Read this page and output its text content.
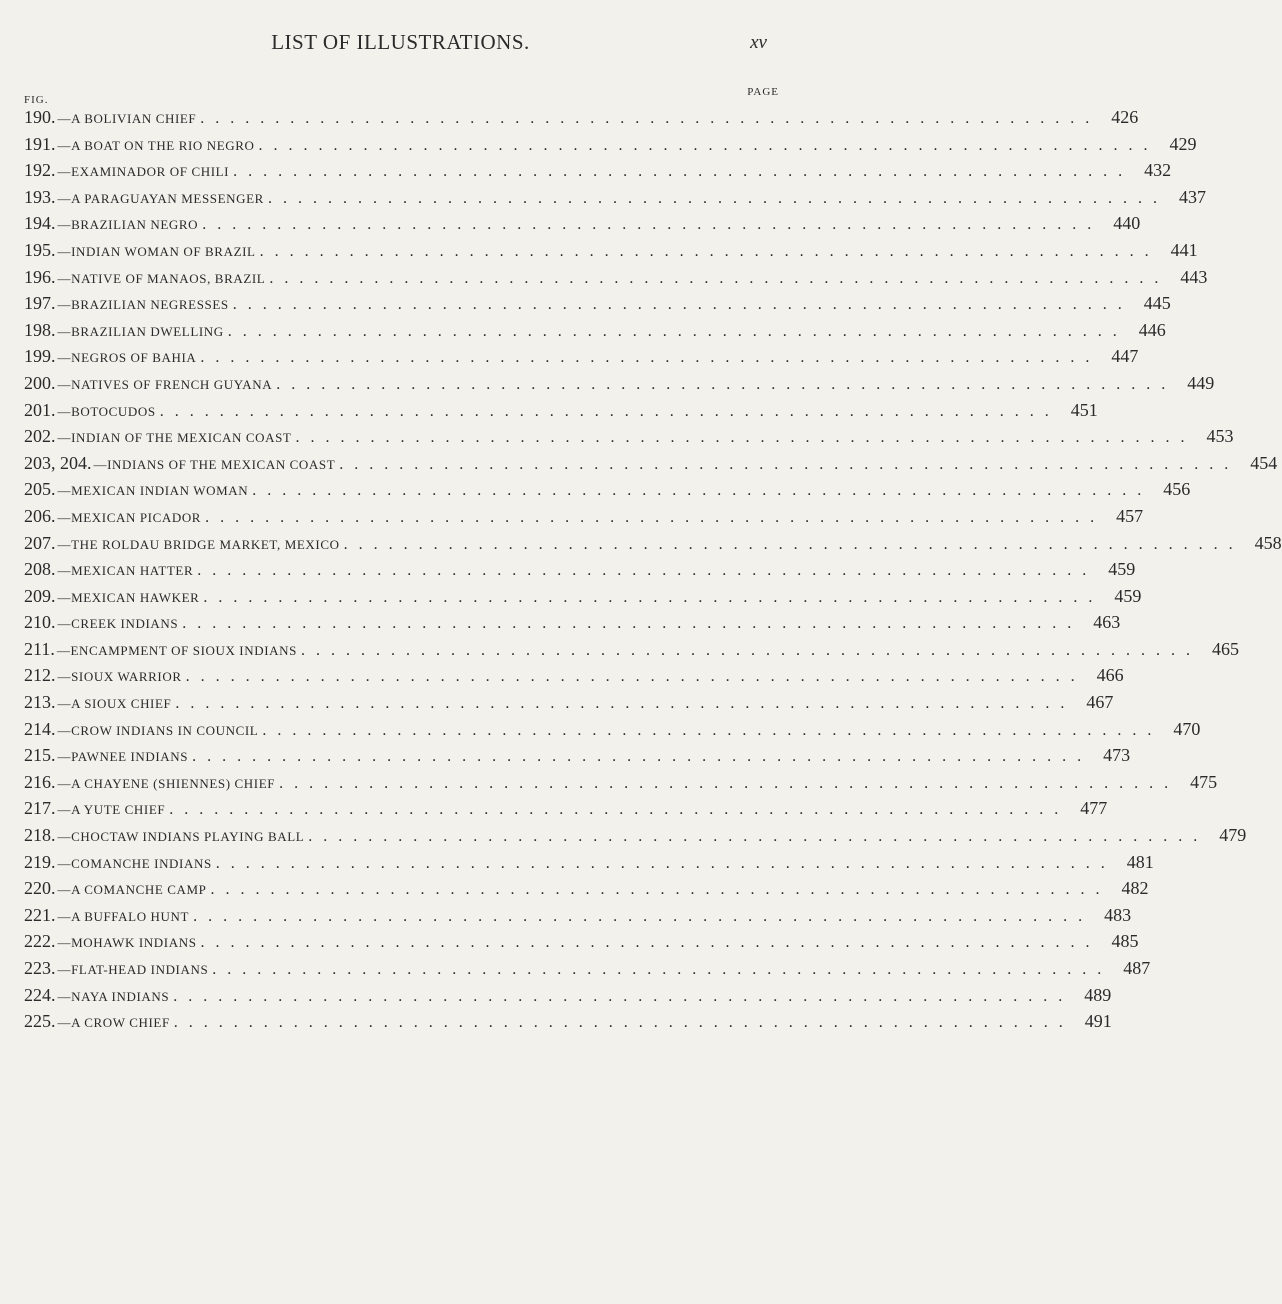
LIST OF ILLUSTRATIONS.	xv
FIG.
PAGE
190. —A BOLIVIAN CHIEF ............................................................ 426
191. —A BOAT ON THE RIO NEGRO ............................................................ 429
192. —EXAMINADOR OF CHILI ............................................................ 432
193. —A PARAGUAYAN MESSENGER ............................................................ 437
194. —BRAZILIAN NEGRO ............................................................ 440
195. —INDIAN WOMAN OF BRAZIL ............................................................ 441
196. —NATIVE OF MANAOS, BRAZIL ............................................................ 443
197. —BRAZILIAN NEGRESSES ............................................................ 445
198. —BRAZILIAN DWELLING ............................................................ 446
199. —NEGROS OF BAHIA ............................................................ 447
200. —NATIVES OF FRENCH GUYANA ............................................................ 449
201. —BOTOCUDOS ............................................................ 451
202. —INDIAN OF THE MEXICAN COAST ............................................................ 453
203, 204. —INDIANS OF THE MEXICAN COAST ............................................................ 454
205. —MEXICAN INDIAN WOMAN ............................................................ 456
206. —MEXICAN PICADOR ............................................................ 457
207. —THE ROLDAU BRIDGE MARKET, MEXICO ............................................................ 458
208. —MEXICAN HATTER ............................................................ 459
209. —MEXICAN HAWKER ............................................................ 459
210. —CREEK INDIANS ............................................................ 463
211. —ENCAMPMENT OF SIOUX INDIANS ............................................................ 465
212. —SIOUX WARRIOR ............................................................ 466
213. —A SIOUX CHIEF ............................................................ 467
214. —CROW INDIANS IN COUNCIL ............................................................ 470
215. —PAWNEE INDIANS ............................................................ 473
216. —A CHAYENE (SHIENNES) CHIEF ............................................................ 475
217. —A YUTE CHIEF ............................................................ 477
218. —CHOCTAW INDIANS PLAYING BALL ............................................................ 479
219. —COMANCHE INDIANS ............................................................ 481
220. —A COMANCHE CAMP ............................................................ 482
221. —A BUFFALO HUNT ............................................................ 483
222. —MOHAWK INDIANS ............................................................ 485
223. —FLAT-HEAD INDIANS ............................................................ 487
224. —NAYA INDIANS ............................................................ 489
225. —A CROW CHIEF ............................................................ 491
